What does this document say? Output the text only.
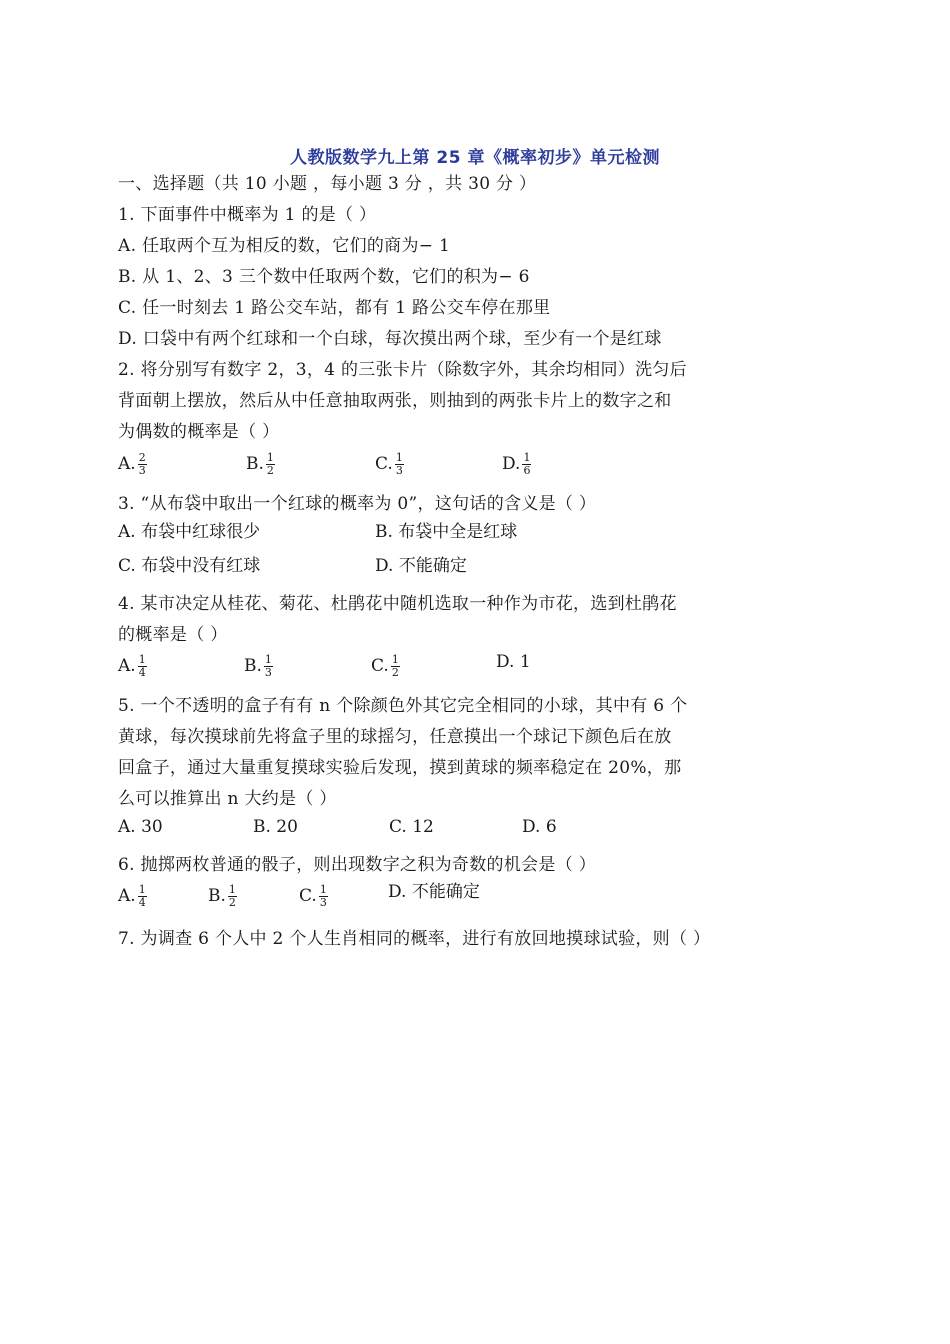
人教版数学九上第 25 章《概率初步》单元检测
一、选择题（共 10 小题 ，每小题 3 分 ，共 30 分 ）
1. 下面事件中概率为 1 的是（ ）
A. 任取两个互为相反的数，它们的商为− 1
B. 从 1、2、3 三个数中任取两个数，它们的积为− 6
C. 任一时刻去 1 路公交车站，都有 1 路公交车停在那里
D. 口袋中有两个红球和一个白球，每次摸出两个球，至少有一个是红球
2. 将分别写有数字 2，3，4 的三张卡片（除数字外，其余均相同）洗匀后
背面朝上摆放，然后从中任意抽取两张，则抽到的两张卡片上的数字之和
为偶数的概率是（ ）
A. $\frac{2}{3}$	B. $\frac{1}{2}$	C. $\frac{1}{3}$	D. $\frac{1}{6}$
3. “从布袋中取出一个红球的概率为 0”，这句话的含义是（ ）
A. 布袋中红球很少	B. 布袋中全是红球
C. 布袋中没有红球	D. 不能确定
4. 某市决定从桂花、菊花、杜鹃花中随机选取一种作为市花，选到杜鹃花
的概率是（ ）
A. $\frac{1}{4}$	B. $\frac{1}{3}$	C. $\frac{1}{2}$	D. 1
5. 一个不透明的盒子有有 n 个除颜色外其它完全相同的小球，其中有 6 个
黄球，每次摸球前先将盒子里的球摇匀，任意摸出一个球记下颜色后在放
回盒子，通过大量重复摸球实验后发现，摸到黄球的频率稳定在 20%，那
么可以推算出 n 大约是（ ）
A. 30	B. 20	C. 12	D. 6
6. 抛掷两枚普通的骰子，则出现数字之积为奇数的机会是（ ）
A. $\frac{1}{4}$	B. $\frac{1}{2}$	C. $\frac{1}{3}$	D. 不能确定
7. 为调查 6 个人中 2 个人生肖相同的概率，进行有放回地摸球试验，则（ ）
